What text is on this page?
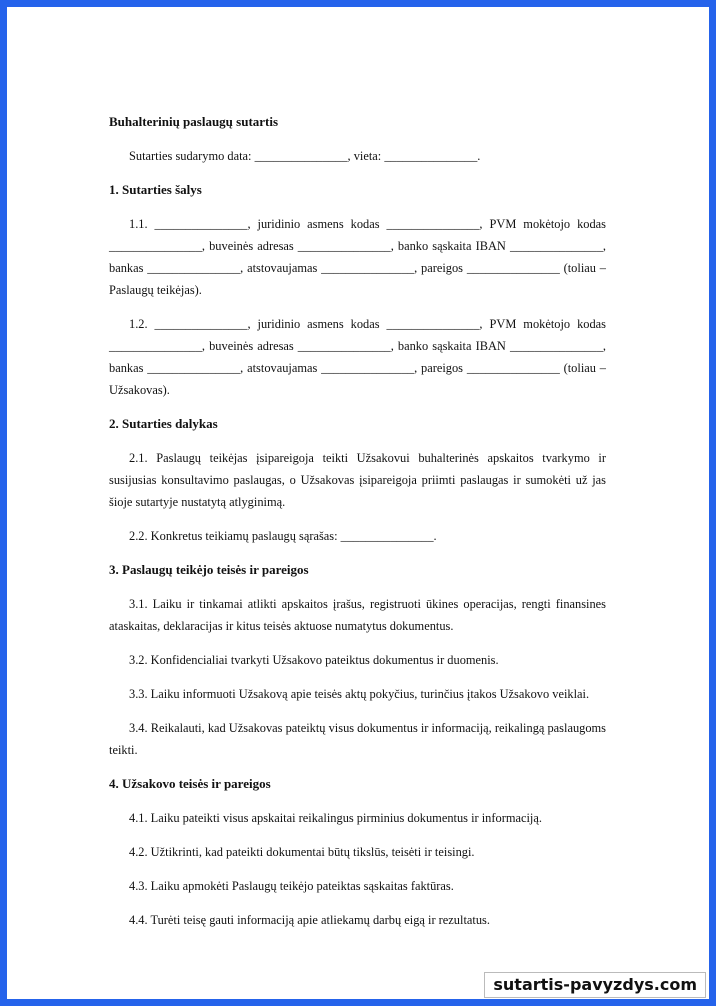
Buhalterinių paslaugų sutartis

Sutarties sudarymo data: _______________, vieta: _______________.

1. Sutarties šalys

1.1. _______________, juridinio asmens kodas _______________, PVM mokėtojo kodas _______________, buveinės adresas _______________, banko sąskaita IBAN _______________, bankas _______________, atstovaujamas _______________, pareigos _______________ (toliau – Paslaugų teikėjas).

1.2. _______________, juridinio asmens kodas _______________, PVM mokėtojo kodas _______________, buveinės adresas _______________, banko sąskaita IBAN _______________, bankas _______________, atstovaujamas _______________, pareigos _______________ (toliau – Užsakovas).

2. Sutarties dalykas

2.1. Paslaugų teikėjas įsipareigoja teikti Užsakovui buhalterinės apskaitos tvarkymo ir susijusias konsultavimo paslaugas, o Užsakovas įsipareigoja priimti paslaugas ir sumokėti už jas šioje sutartyje nustatytą atlyginimą.

2.2. Konkretus teikiamų paslaugų sąrašas: _______________.

3. Paslaugų teikėjo teisės ir pareigos

3.1. Laiku ir tinkamai atlikti apskaitos įrašus, registruoti ūkines operacijas, rengti finansines ataskaitas, deklaracijas ir kitus teisės aktuose numatytus dokumentus.

3.2. Konfidencialiai tvarkyti Užsakovo pateiktus dokumentus ir duomenis.

3.3. Laiku informuoti Užsakovą apie teisės aktų pokyčius, turinčius įtakos Užsakovo veiklai.

3.4. Reikalauti, kad Užsakovas pateiktų visus dokumentus ir informaciją, reikalingą paslaugoms teikti.

4. Užsakovo teisės ir pareigos

4.1. Laiku pateikti visus apskaitai reikalingus pirminius dokumentus ir informaciją.

4.2. Užtikrinti, kad pateikti dokumentai būtų tikslūs, teisėti ir teisingi.

4.3. Laiku apmokėti Paslaugų teikėjo pateiktas sąskaitas faktūras.

4.4. Turėti teisę gauti informaciją apie atliekamų darbų eigą ir rezultatus.

sutartis-pavyzdys.com
